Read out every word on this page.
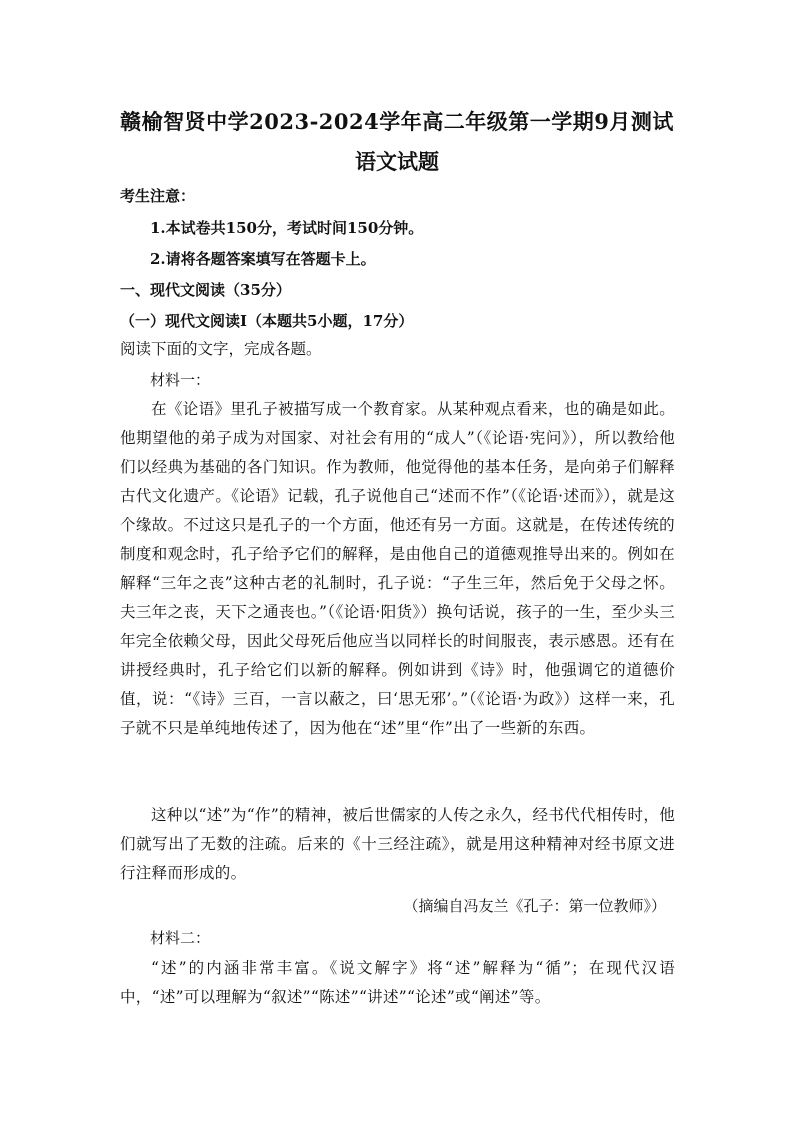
赣榆智贤中学2023-2024学年高二年级第一学期9月测试
语文试题
考生注意：
1.本试卷共150分，考试时间150分钟。
2.请将各题答案填写在答题卡上。
一、现代文阅读（35分）
（一）现代文阅读Ⅰ（本题共5小题，17分）
阅读下面的文字，完成各题。
材料一：

在《论语》里孔子被描写成一个教育家。从某种观点看来，也的确是如此。他期望他的弟子成为对国家、对社会有用的“成人”（《论语·宪问》），所以教给他们以经典为基础的各门知识。作为教师，他觉得他的基本任务，是向弟子们解释古代文化遗产。《论语》记载，孔子说他自己“述而不作”（《论语·述而》），就是这个缘故。不过这只是孔子的一个方面，他还有另一方面。这就是，在传述传统的制度和观念时，孔子给予它们的解释，是由他自己的道德观推导出来的。例如在解释“三年之丧”这种古老的礼制时，孔子说：“子生三年，然后免于父母之怀。夫三年之丧，天下之通丧也。”（《论语·阳货》）换句话说，孩子的一生，至少头三年完全依赖父母，因此父母死后他应当以同样长的时间服丧，表示感恩。还有在讲授经典时，孔子给它们以新的解释。例如讲到《诗》时，他强调它的道德价值，说：“《诗》三百，一言以蔽之，曰‘思无邪’。”（《论语·为政》）这样一来，孔子就不只是单纯地传述了，因为他在“述”里“作”出了一些新的东西。

这种以“述”为“作”的精神，被后世儒家的人传之永久，经书代代相传时，他们就写出了无数的注疏。后来的《十三经注疏》，就是用这种精神对经书原文进行注释而形成的。

（摘编自冯友兰《孔子：第一位教师》）
材料二：

“述”的内涵非常丰富。《说文解字》将“述”解释为“循”；在现代汉语中，“述”可以理解为“叙述”“陈述”“讲述”“论述”或“阐述”等。
